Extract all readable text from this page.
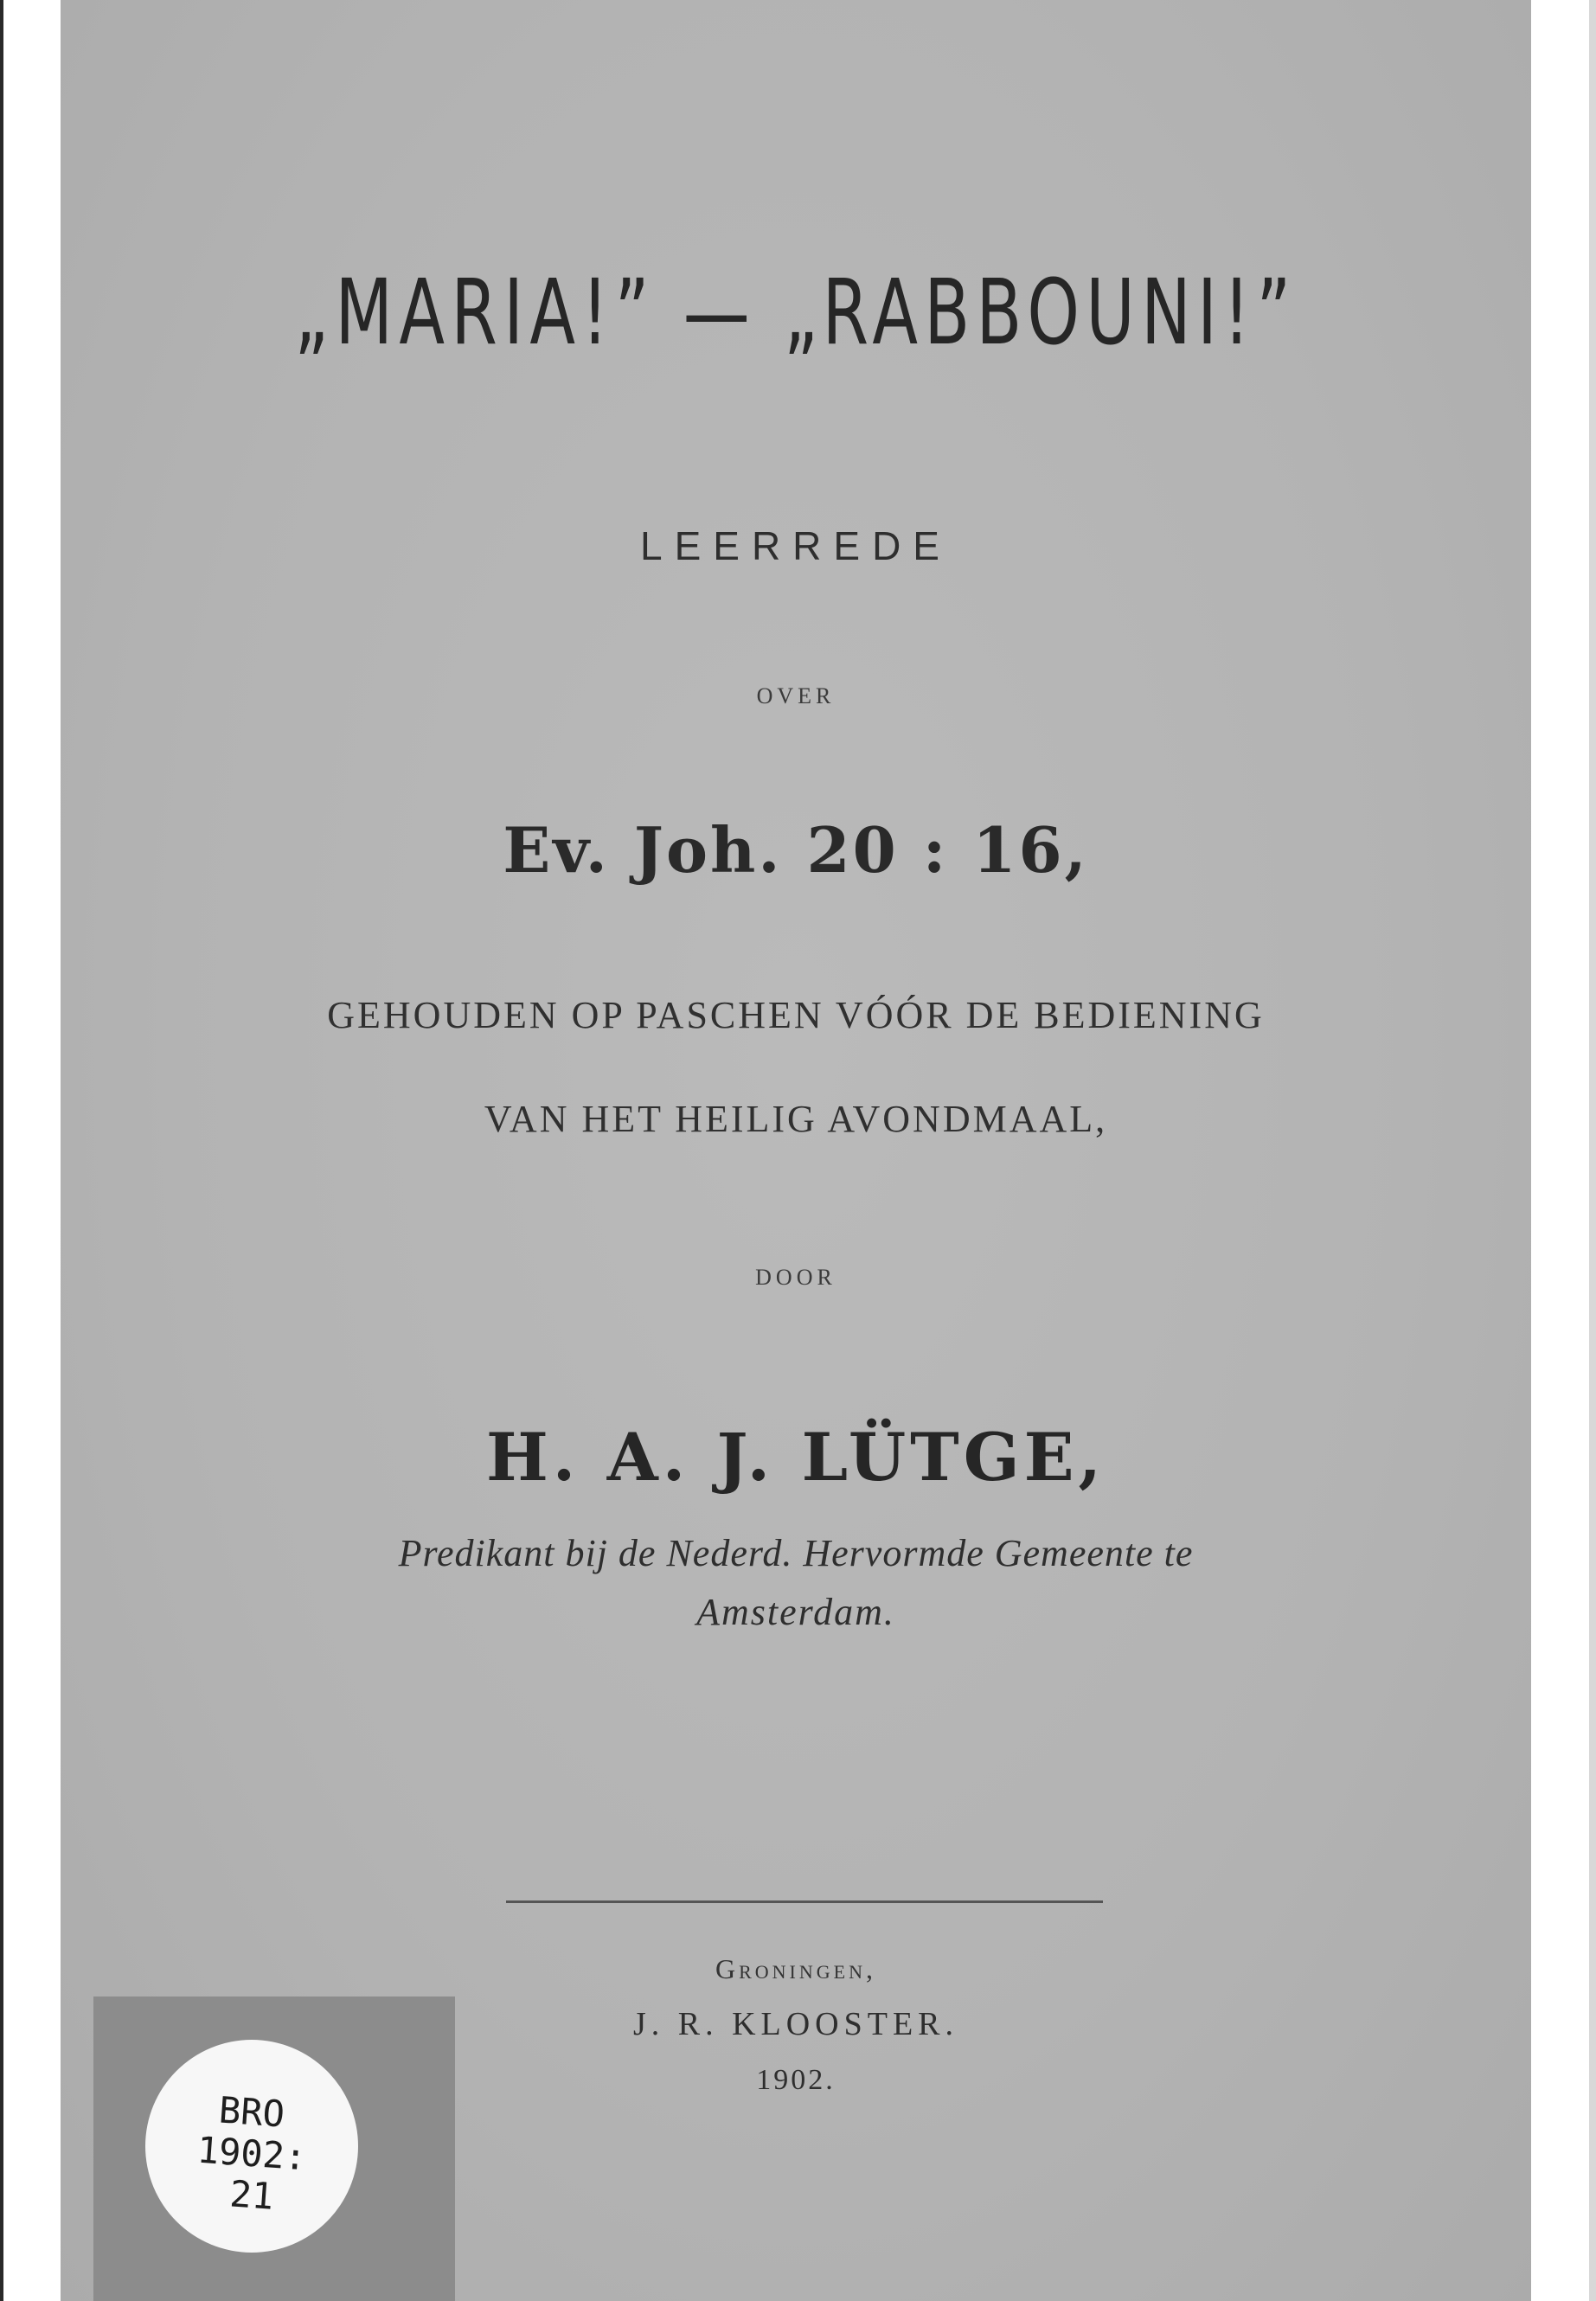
„MARIA!” — „RABBOUNI!”
LEERREDE
OVER
Ev. Joh. 20 : 16,
GEHOUDEN OP PASCHEN VÓÓR DE BEDIENING
VAN HET HEILIG AVONDMAAL,
DOOR
H. A. J. LÜTGE,
Predikant bij de Nederd. Hervormde Gemeente te
Amsterdam.
Groningen,
J. R. KLOOSTER.
1902.
BRO
1902:
21
